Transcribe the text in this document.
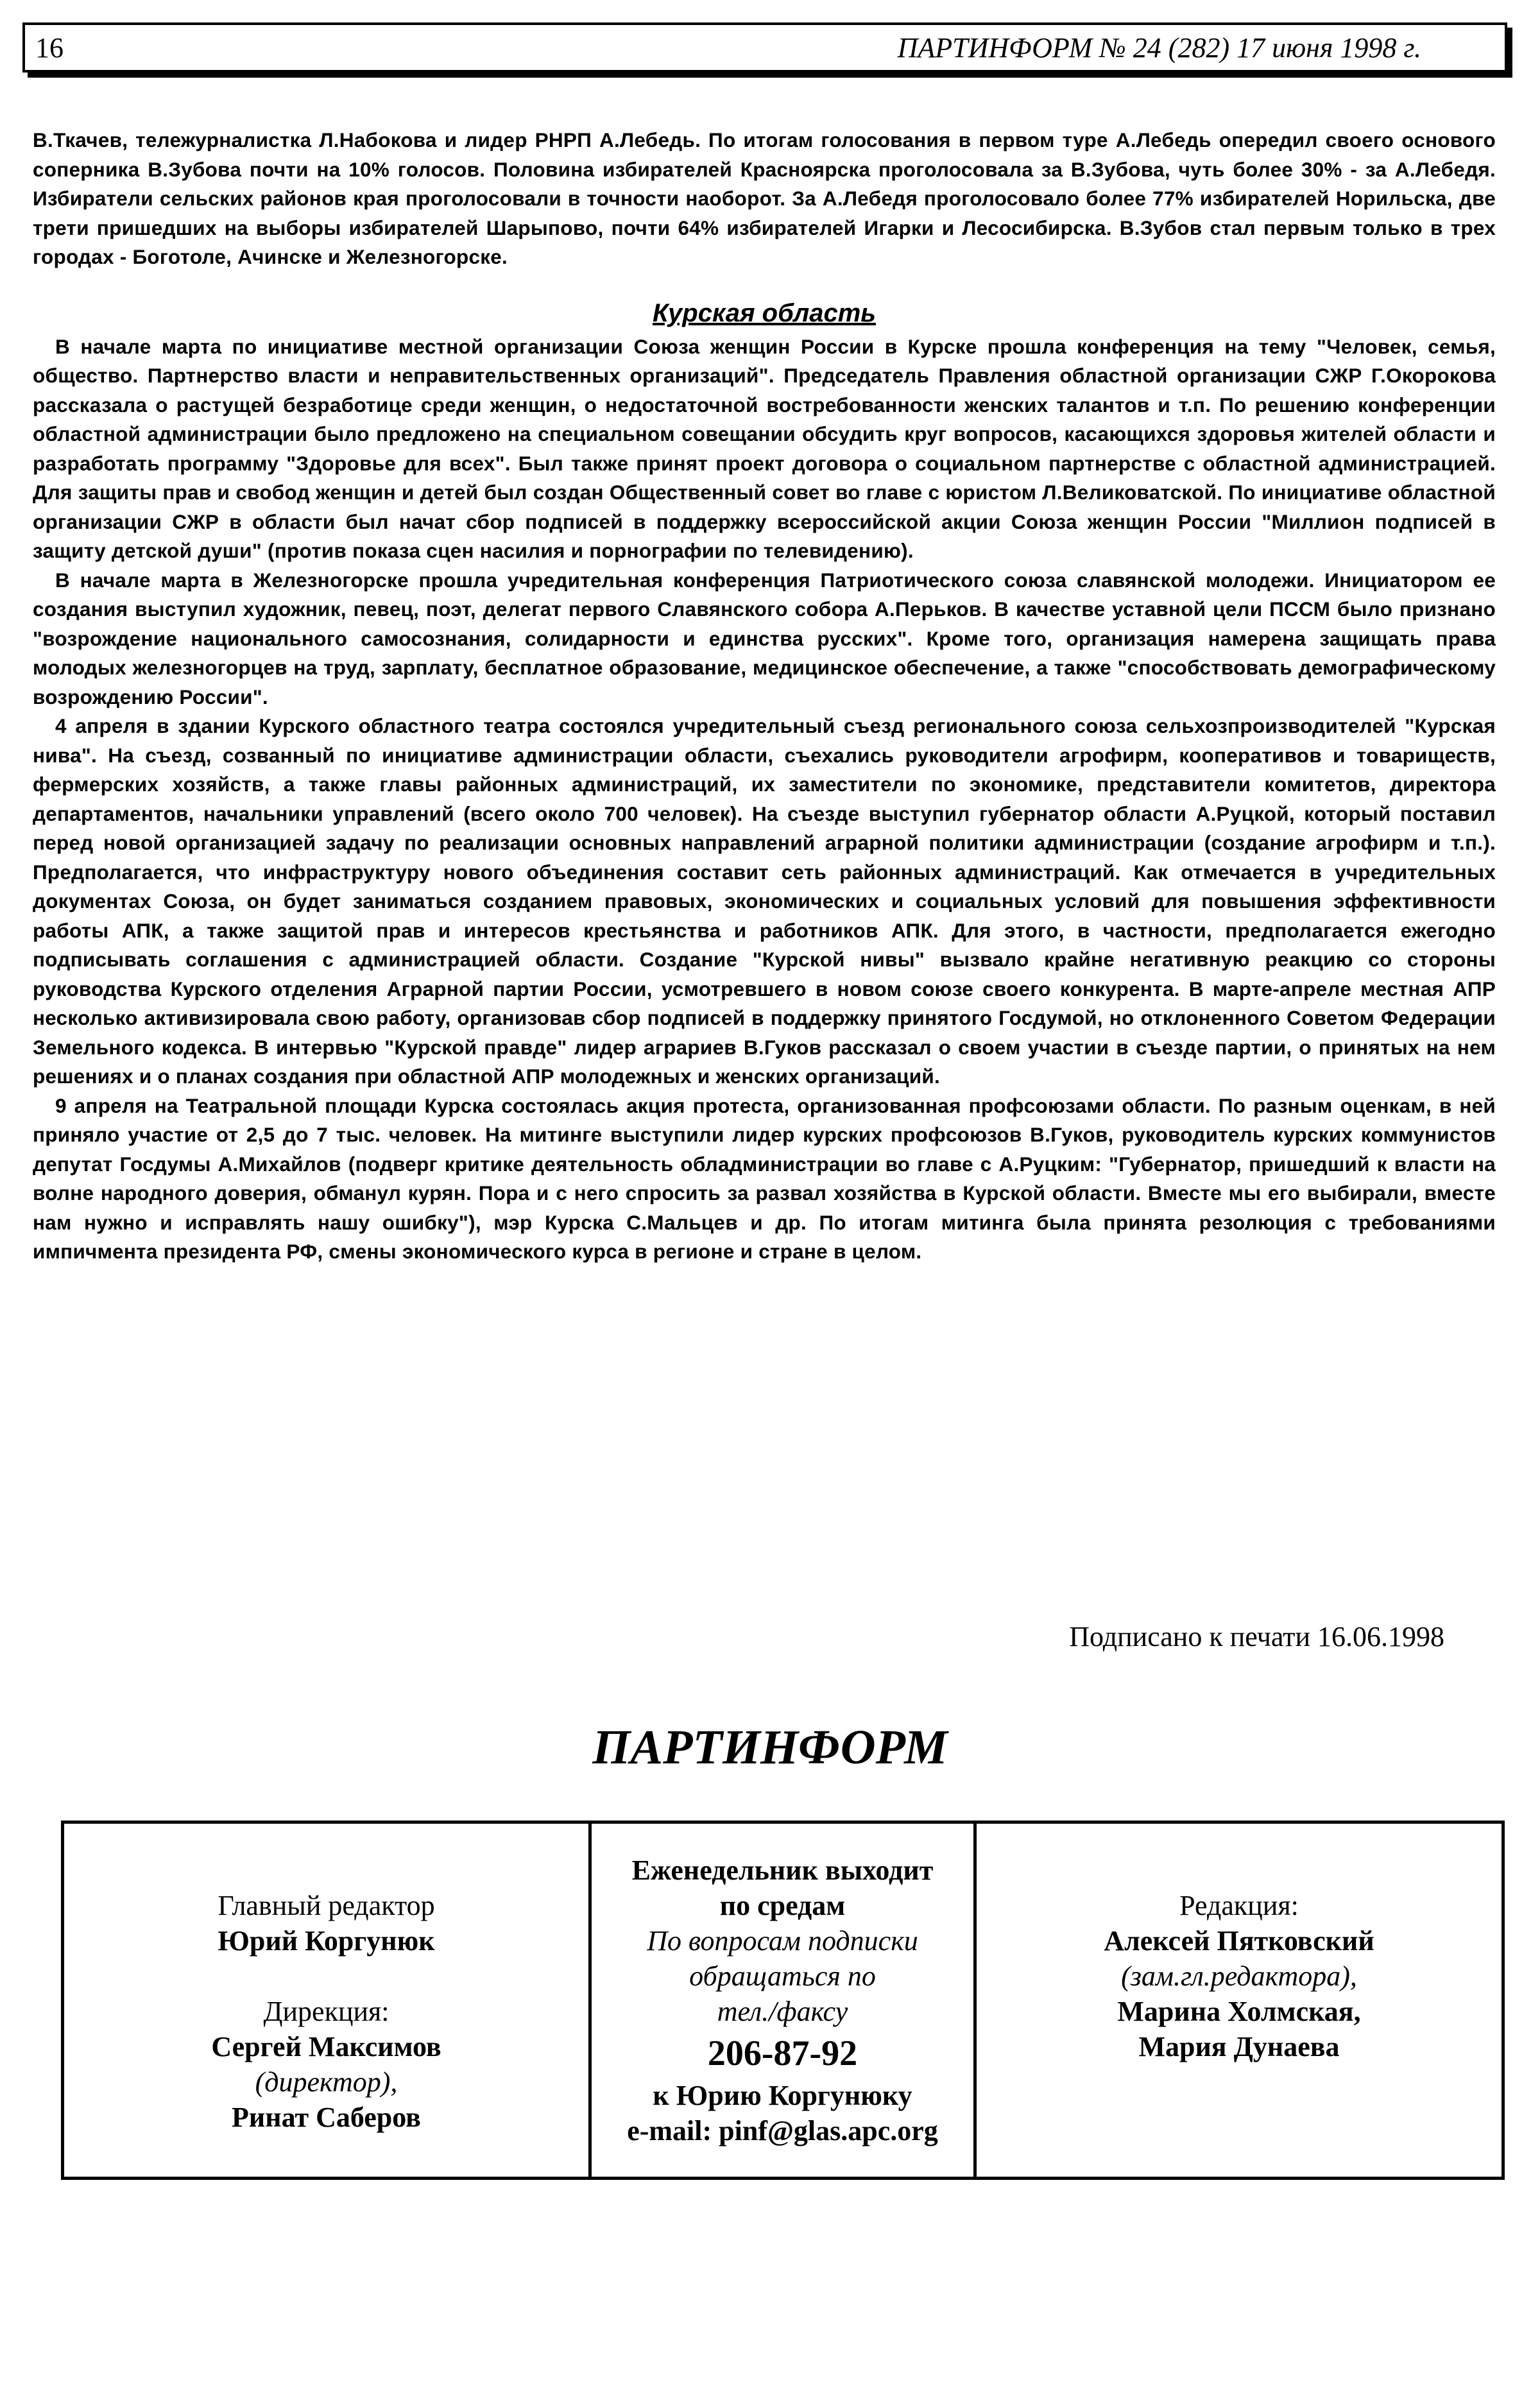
16	ПАРТИНФОРМ № 24 (282) 17 июня 1998 г.

В.Ткачев, тележурналистка Л.Набокова и лидер РНРП А.Лебедь. По итогам голосования в первом туре А.Лебедь опередил своего основого соперника В.Зубова почти на 10% голосов. Половина избирателей Красноярска проголосовала за В.Зубова, чуть более 30% - за А.Лебедя. Избиратели сельских районов края проголосовали в точности наоборот. За А.Лебедя проголосовало более 77% избирателей Норильска, две трети пришедших на выборы избирателей Шарыпово, почти 64% избирателей Игарки и Лесосибирска. В.Зубов стал первым только в трех городах - Боготоле, Ачинске и Железногорске.

Курская область

В начале марта по инициативе местной организации Союза женщин России в Курске прошла конференция на тему "Человек, семья, общество. Партнерство власти и неправительственных организаций". Председатель Правления областной организации СЖР Г.Окорокова рассказала о растущей безработице среди женщин, о недостаточной востребованности женских талантов и т.п. По решению конференции областной администрации было предложено на специальном совещании обсудить круг вопросов, касающихся здоровья жителей области и разработать программу "Здоровье для всех". Был также принят проект договора о социальном партнерстве с областной администрацией. Для защиты прав и свобод женщин и детей был создан Общественный совет во главе с юристом Л.Великоватской. По инициативе областной организации СЖР в области был начат сбор подписей в поддержку всероссийской акции Союза женщин России "Миллион подписей в защиту детской души" (против показа сцен насилия и порнографии по телевидению).

В начале марта в Железногорске прошла учредительная конференция Патриотического союза славянской молодежи. Инициатором ее создания выступил художник, певец, поэт, делегат первого Славянского собора А.Перьков. В качестве уставной цели ПССМ было признано "возрождение национального самосознания, солидарности и единства русских". Кроме того, организация намерена защищать права молодых железногорцев на труд, зарплату, бесплатное образование, медицинское обеспечение, а также "способствовать демографическому возрождению России".

4 апреля в здании Курского областного театра состоялся учредительный съезд регионального союза сельхозпроизводителей "Курская нива". На съезд, созванный по инициативе администрации области, съехались руководители агрофирм, кооперативов и товариществ, фермерских хозяйств, а также главы районных администраций, их заместители по экономике, представители комитетов, директора департаментов, начальники управлений (всего около 700 человек). На съезде выступил губернатор области А.Руцкой, который поставил перед новой организацией задачу по реализации основных направлений аграрной политики администрации (создание агрофирм и т.п.). Предполагается, что инфраструктуру нового объединения составит сеть районных администраций. Как отмечается в учредительных документах Союза, он будет заниматься созданием правовых, экономических и социальных условий для повышения эффективности работы АПК, а также защитой прав и интересов крестьянства и работников АПК. Для этого, в частности, предполагается ежегодно подписывать соглашения с администрацией области. Создание "Курской нивы" вызвало крайне негативную реакцию со стороны руководства Курского отделения Аграрной партии России, усмотревшего в новом союзе своего конкурента. В марте-апреле местная АПР несколько активизировала свою работу, организовав сбор подписей в поддержку принятого Госдумой, но отклоненного Советом Федерации Земельного кодекса. В интервью "Курской правде" лидер аграриев В.Гуков рассказал о своем участии в съезде партии, о принятых на нем решениях и о планах создания при областной АПР молодежных и женских организаций.

9 апреля на Театральной площади Курска состоялась акция протеста, организованная профсоюзами области. По разным оценкам, в ней приняло участие от 2,5 до 7 тыс. человек. На митинге выступили лидер курских профсоюзов В.Гуков, руководитель курских коммунистов депутат Госдумы А.Михайлов (подверг критике деятельность обладминистрации во главе с А.Руцким: "Губернатор, пришедший к власти на волне народного доверия, обманул курян. Пора и с него спросить за развал хозяйства в Курской области. Вместе мы его выбирали, вместе нам нужно и исправлять нашу ошибку"), мэр Курска С.Мальцев и др. По итогам митинга была принята резолюция с требованиями импичмента президента РФ, смены экономического курса в регионе и стране в целом.

Подписано к печати 16.06.1998
ПАРТИНФОРМ
Главный редактор
Юрий Коргунюк
Дирекция:
Сергей Максимов
(директор),
Ринат Саберов
Еженедельник выходит
по средам
По вопросам подписки
обращаться по
тел./факсу
206-87-92
к Юрию Коргунюку
e-mail: pinf@glas.apc.org
Редакция:
Алексей Пятковский
(зам.гл.редактора),
Марина Холмская,
Мария Дунаева
